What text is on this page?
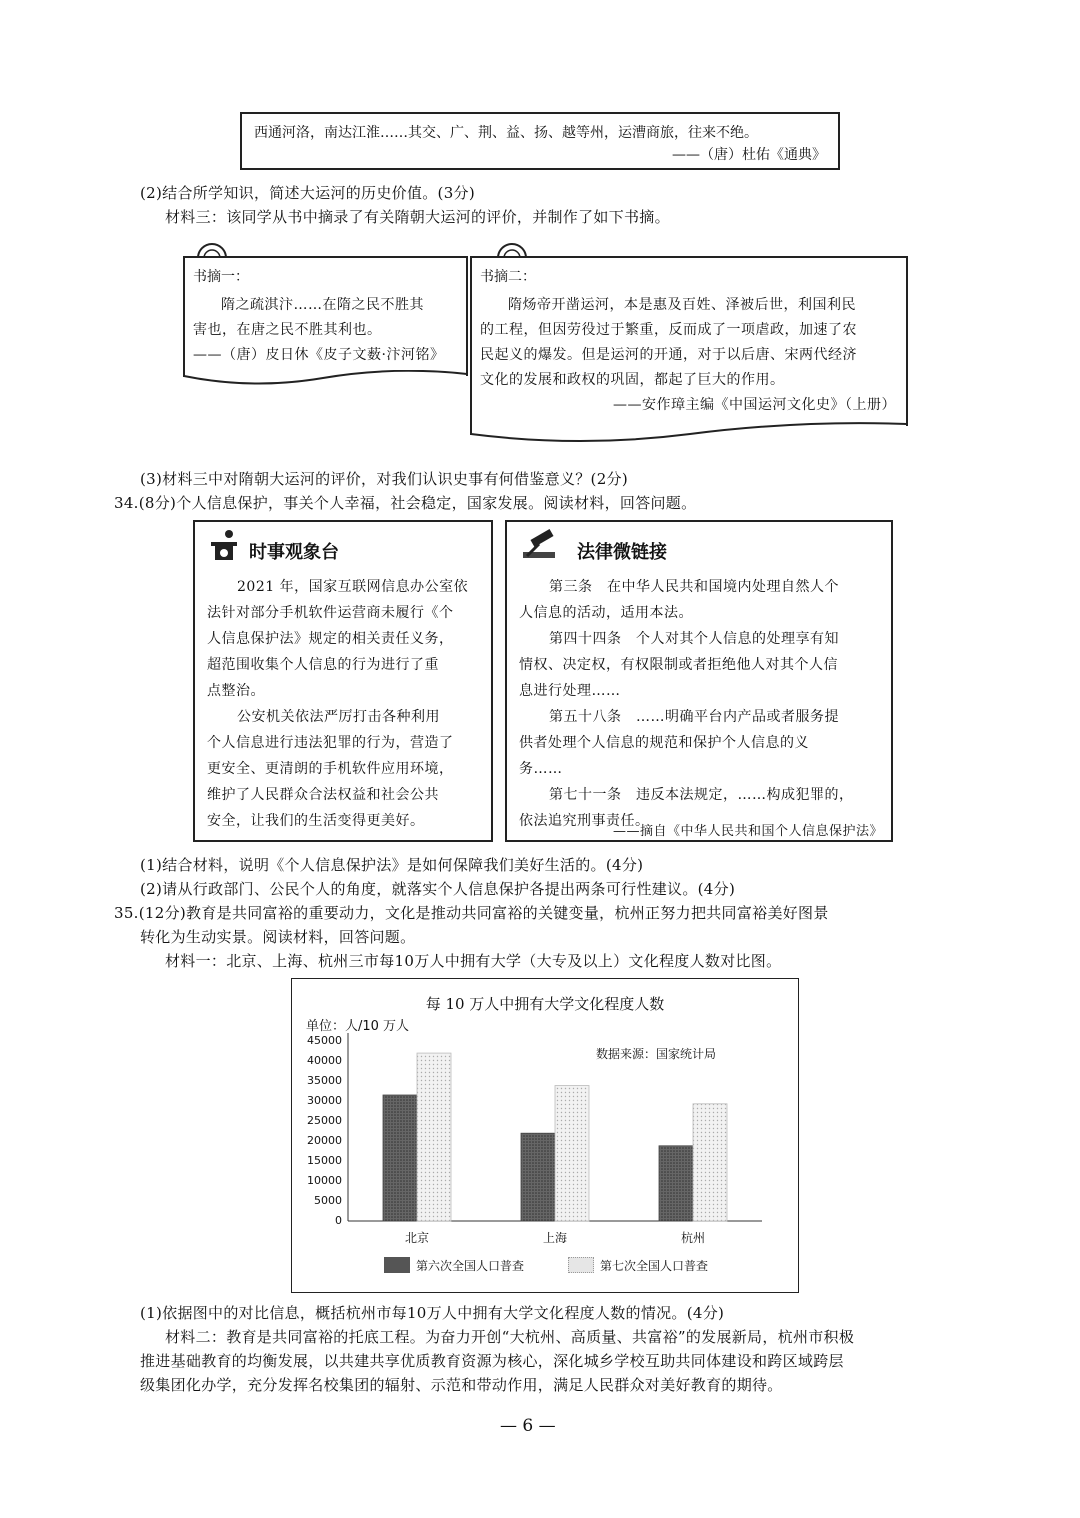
西通河洛，南达江淮……其交、广、荆、益、扬、越等州，运漕商旅，往来不绝。
——（唐）杜佑《通典》
(2)结合所学知识，简述大运河的历史价值。(3分)
材料三：该同学从书中摘录了有关隋朝大运河的评价，并制作了如下书摘。
书摘一：
隋之疏淇汴……在隋之民不胜其
害也，在唐之民不胜其利也。
——（唐）皮日休《皮子文薮·汴河铭》
书摘二：
隋炀帝开凿运河，本是惠及百姓、泽被后世，利国利民
的工程，但因劳役过于繁重，反而成了一项虐政，加速了农
民起义的爆发。但是运河的开通，对于以后唐、宋两代经济
文化的发展和政权的巩固，都起了巨大的作用。
——安作璋主编《中国运河文化史》（上册）
(3)材料三中对隋朝大运河的评价，对我们认识史事有何借鉴意义？(2分)
34.(8分)个人信息保护，事关个人幸福，社会稳定，国家发展。阅读材料，回答问题。
时事观象台
2021 年，国家互联网信息办公室依
法针对部分手机软件运营商未履行《个
人信息保护法》规定的相关责任义务，
超范围收集个人信息的行为进行了重
点整治。
公安机关依法严厉打击各种利用
个人信息进行违法犯罪的行为，营造了
更安全、更清朗的手机软件应用环境，
维护了人民群众合法权益和社会公共
安全，让我们的生活变得更美好。
法律微链接
第三条　在中华人民共和国境内处理自然人个
人信息的活动，适用本法。
第四十四条　个人对其个人信息的处理享有知
情权、决定权，有权限制或者拒绝他人对其个人信
息进行处理……
第五十八条　……明确平台内产品或者服务提
供者处理个人信息的规范和保护个人信息的义
务……
第七十一条　违反本法规定，……构成犯罪的，
依法追究刑事责任。
——摘自《中华人民共和国个人信息保护法》
(1)结合材料，说明《个人信息保护法》是如何保障我们美好生活的。(4分)
(2)请从行政部门、公民个人的角度，就落实个人信息保护各提出两条可行性建议。(4分)
35.(12分)教育是共同富裕的重要动力，文化是推动共同富裕的关键变量，杭州正努力把共同富裕美好图景
转化为生动实景。阅读材料，回答问题。
材料一：北京、上海、杭州三市每10万人中拥有大学（大专及以上）文化程度人数对比图。
每 10 万人中拥有大学文化程度人数
单位：人/10 万人
数据来源：国家统计局
0
5000
10000
15000
20000
25000
30000
35000
40000
45000
北京	上海	杭州
第六次全国人口普查	第七次全国人口普查
(1)依据图中的对比信息，概括杭州市每10万人中拥有大学文化程度人数的情况。(4分)
材料二：教育是共同富裕的托底工程。为奋力开创“大杭州、高质量、共富裕”的发展新局，杭州市积极
推进基础教育的均衡发展，以共建共享优质教育资源为核心，深化城乡学校互助共同体建设和跨区域跨层
级集团化办学，充分发挥名校集团的辐射、示范和带动作用，满足人民群众对美好教育的期待。
— 6 —
